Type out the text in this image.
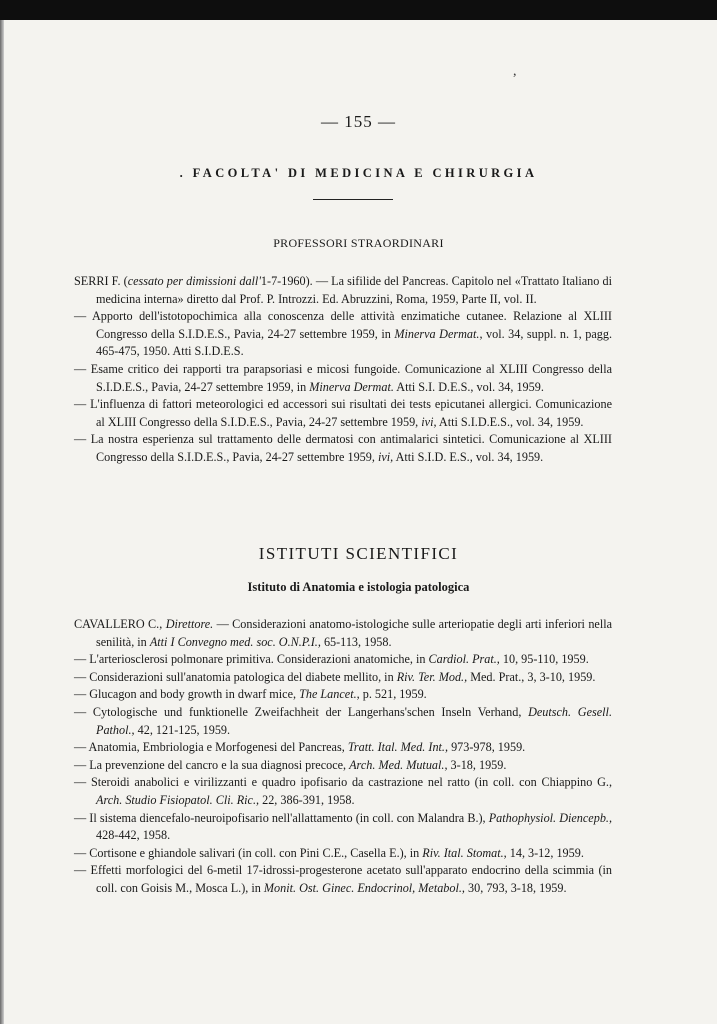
,
— 155 —
. FACOLTA' DI MEDICINA E CHIRURGIA
PROFESSORI STRAORDINARI

SERRI F. (cessato per dimissioni dall'1-7-1960). — La sifilide del Pancreas. Capitolo nel «Trattato Italiano di medicina interna» diretto dal Prof. P. Introzzi. Ed. Abruzzini, Roma, 1959, Parte II, vol. II.

— Apporto dell'istotopochimica alla conoscenza delle attività enzimatiche cutanee. Relazione al XLIII Congresso della S.I.D.E.S., Pavia, 24-27 settembre 1959, in Minerva Dermat., vol. 34, suppl. n. 1, pagg. 465-475, 1950. Atti S.I.D.E.S.

— Esame critico dei rapporti tra parapsoriasi e micosi fungoide. Comunicazione al XLIII Congresso della S.I.D.E.S., Pavia, 24-27 settembre 1959, in Minerva Dermat. Atti S.I. D.E.S., vol. 34, 1959.

— L'influenza di fattori meteorologici ed accessori sui risultati dei tests epicutanei allergici. Comunicazione al XLIII Congresso della S.I.D.E.S., Pavia, 24-27 settembre 1959, ivi, Atti S.I.D.E.S., vol. 34, 1959.

— La nostra esperienza sul trattamento delle dermatosi con antimalarici sintetici. Comunicazione al XLIII Congresso della S.I.D.E.S., Pavia, 24-27 settembre 1959, ivi, Atti S.I.D. E.S., vol. 34, 1959.

ISTITUTI SCIENTIFICI
Istituto di Anatomia e istologia patologica

CAVALLERO C., Direttore. — Considerazioni anatomo-istologiche sulle arteriopatie degli arti inferiori nella senilità, in Atti I Convegno med. soc. O.N.P.I., 65-113, 1958.

— L'arteriosclerosi polmonare primitiva. Considerazioni anatomiche, in Cardiol. Prat., 10, 95-110, 1959.

— Considerazioni sull'anatomia patologica del diabete mellito, in Riv. Ter. Mod., Med. Prat., 3, 3-10, 1959.

— Glucagon and body growth in dwarf mice, The Lancet., p. 521, 1959.

— Cytologische und funktionelle Zweifachheit der Langerhans'schen Inseln Verhand, Deutsch. Gesell. Pathol., 42, 121-125, 1959.

— Anatomia, Embriologia e Morfogenesi del Pancreas, Tratt. Ital. Med. Int., 973-978, 1959.

— La prevenzione del cancro e la sua diagnosi precoce, Arch. Med. Mutual., 3-18, 1959.

— Steroidi anabolici e virilizzanti e quadro ipofisario da castrazione nel ratto (in coll. con Chiappino G., Arch. Studio Fisiopatol. Cli. Ric., 22, 386-391, 1958.

— Il sistema diencefalo-neuroipofisario nell'allattamento (in coll. con Malandra B.), Pathophysiol. Diencepb., 428-442, 1958.

— Cortisone e ghiandole salivari (in coll. con Pini C.E., Casella E.), in Riv. Ital. Stomat., 14, 3-12, 1959.

— Effetti morfologici del 6-metil 17-idrossi-progesterone acetato sull'apparato endocrino della scimmia (in coll. con Goisis M., Mosca L.), in Monit. Ost. Ginec. Endocrinol, Metabol., 30, 793, 3-18, 1959.
